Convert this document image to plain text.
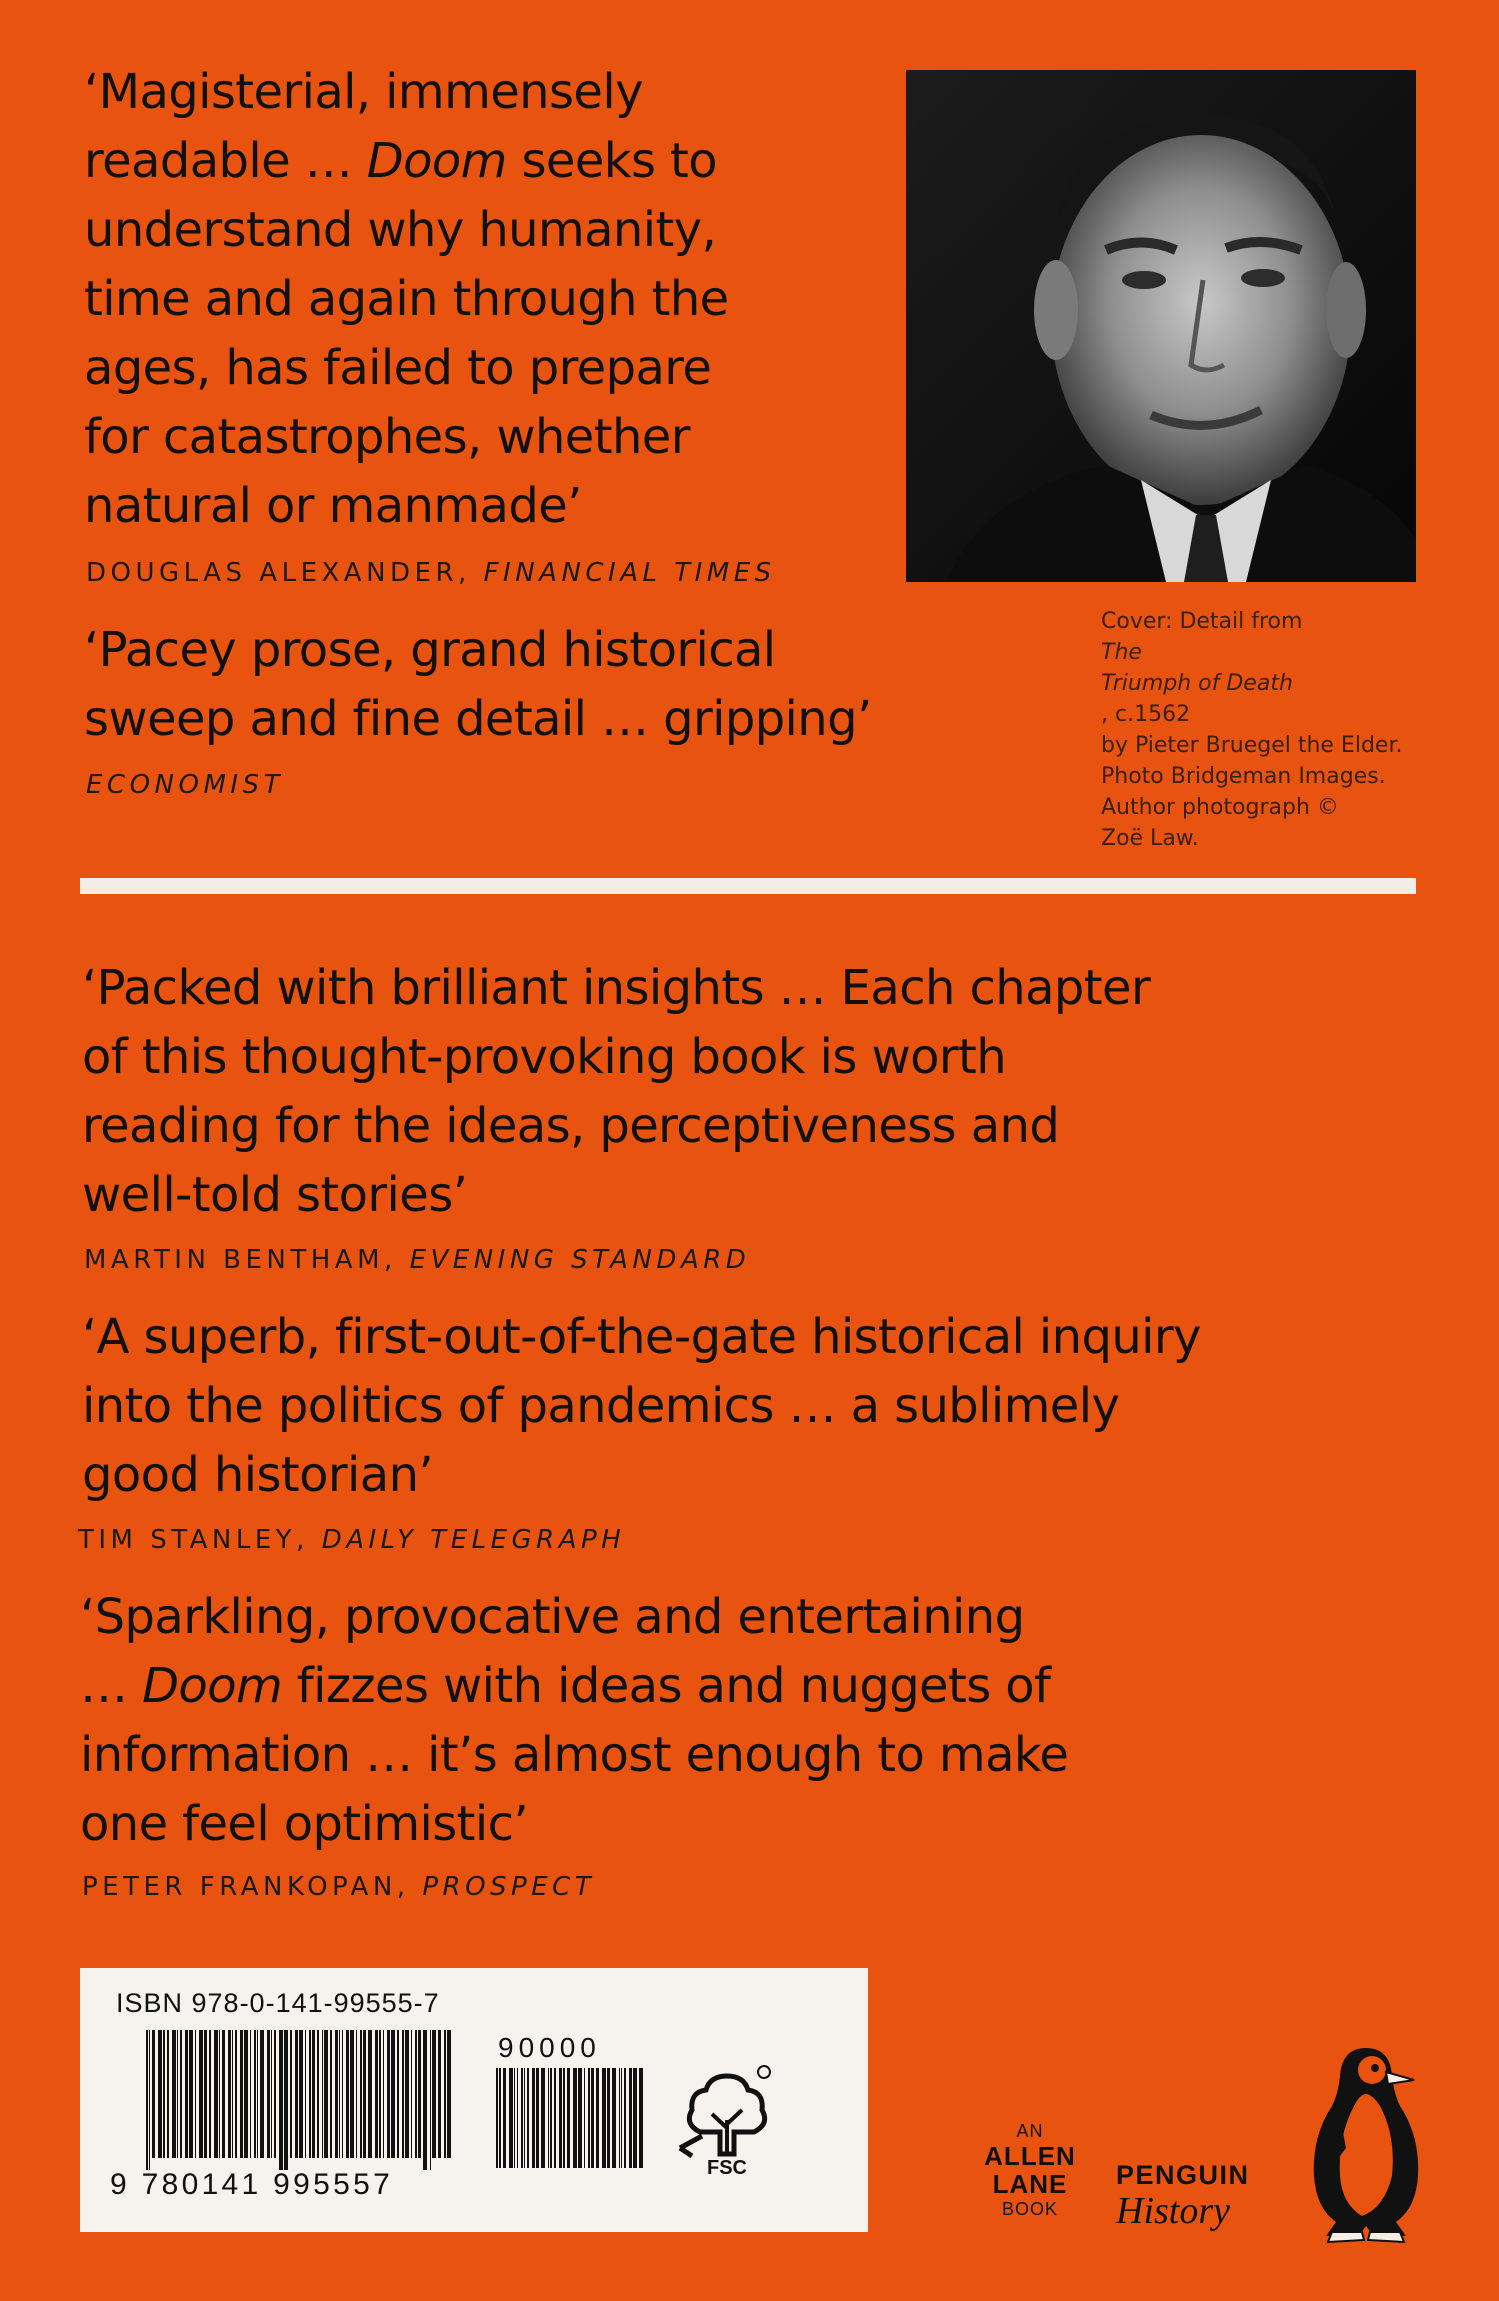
‘Magisterial, immensely
readable … Doom seeks to
understand why humanity,
time and again through the
ages, has failed to prepare
for catastrophes, whether
natural or manmade’
DOUGLAS ALEXANDER, FINANCIAL TIMES
‘Pacey prose, grand historical
sweep and fine detail … gripping’
ECONOMIST
Cover: Detail from
The
Triumph of Death
, c.1562
by Pieter Bruegel the Elder.
Photo Bridgeman Images.
Author photograph ©
Zoë Law.
‘Packed with brilliant insights … Each chapter
of this thought-provoking book is worth
reading for the ideas, perceptiveness and
well-told stories’
MARTIN BENTHAM, EVENING STANDARD
‘A superb, first-out-of-the-gate historical inquiry
into the politics of pandemics … a sublimely
good historian’
TIM STANLEY, DAILY TELEGRAPH
‘Sparkling, provocative and entertaining
… Doom fizzes with ideas and nuggets of
information … it’s almost enough to make
one feel optimistic’
PETER FRANKOPAN, PROSPECT
ISBN 978-0-141-99555-7
90000
9 780141 995557	FSC
AN
ALLEN
LANE
BOOK
PENGUIN
History
